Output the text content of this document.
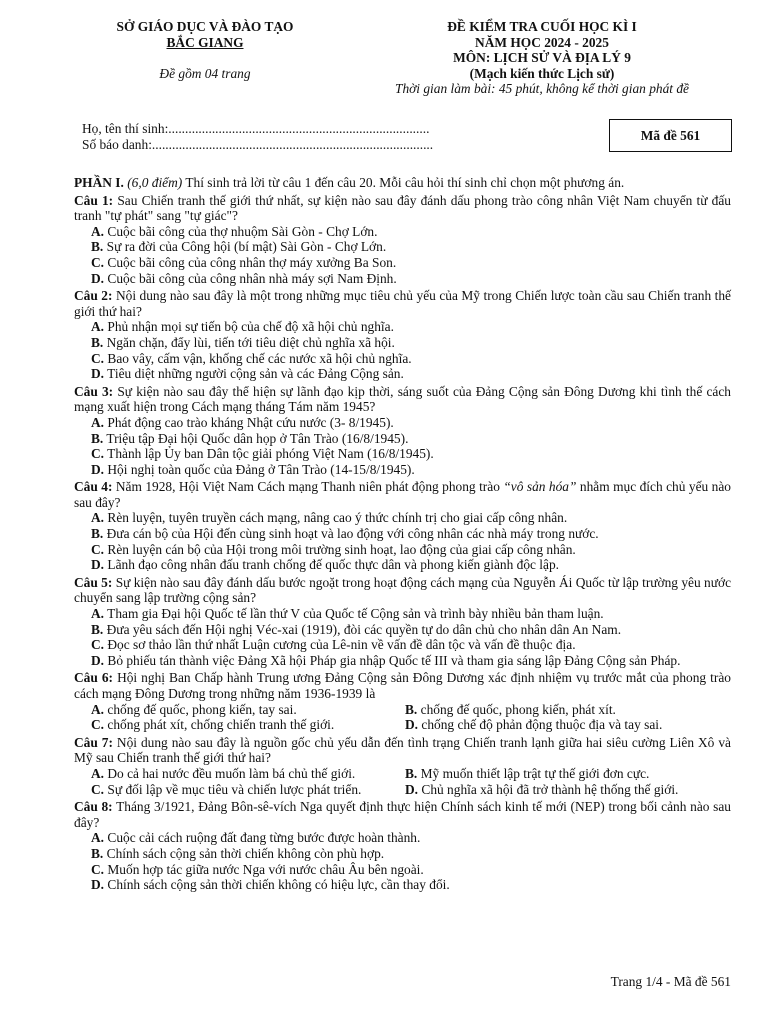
SỞ GIÁO DỤC VÀ ĐÀO TẠO
BẮC GIANG
Đề gồm 04 trang
ĐỀ KIỂM TRA CUỐI HỌC KÌ I
NĂM HỌC 2024 - 2025
MÔN: LỊCH SỬ VÀ ĐỊA LÝ 9
(Mạch kiến thức Lịch sử)
Thời gian làm bài: 45 phút, không kể thời gian phát đề
Họ, tên thí sinh:..............................................................................
Số báo danh:....................................................................................
Mã đề 561

PHẦN I. (6,0 điểm) Thí sinh trả lời từ câu 1 đến câu 20. Mỗi câu hỏi thí sinh chỉ chọn một phương án.

Câu 1: Sau Chiến tranh thế giới thứ nhất, sự kiện nào sau đây đánh dấu phong trào công nhân Việt Nam chuyển từ đấu tranh "tự phát" sang "tự giác"?

A. Cuộc bãi công của thợ nhuộm Sài Gòn - Chợ Lớn.
B. Sự ra đời của Công hội (bí mật) Sài Gòn - Chợ Lớn.
C. Cuộc bãi công của công nhân thợ máy xưởng Ba Son.
D. Cuộc bãi công của công nhân nhà máy sợi Nam Định.

Câu 2: Nội dung nào sau đây là một trong những mục tiêu chủ yếu của Mỹ trong Chiến lược toàn cầu sau Chiến tranh thế giới thứ hai?

A. Phủ nhận mọi sự tiến bộ của chế độ xã hội chủ nghĩa.
B. Ngăn chặn, đẩy lùi, tiến tới tiêu diệt chủ nghĩa xã hội.
C. Bao vây, cấm vận, khống chế các nước xã hội chủ nghĩa.
D. Tiêu diệt những người cộng sản và các Đảng Cộng sản.

Câu 3: Sự kiện nào sau đây thể hiện sự lãnh đạo kịp thời, sáng suốt của Đảng Cộng sản Đông Dương khi tình thế cách mạng xuất hiện trong Cách mạng tháng Tám năm 1945?

A. Phát động cao trào kháng Nhật cứu nước (3- 8/1945).
B. Triệu tập Đại hội Quốc dân họp ở Tân Trào (16/8/1945).
C. Thành lập Ủy ban Dân tộc giải phóng Việt Nam (16/8/1945).
D. Hội nghị toàn quốc của Đảng ở Tân Trào (14-15/8/1945).

Câu 4: Năm 1928, Hội Việt Nam Cách mạng Thanh niên phát động phong trào “vô sản hóa” nhằm mục đích chủ yếu nào sau đây?

A. Rèn luyện, tuyên truyền cách mạng, nâng cao ý thức chính trị cho giai cấp công nhân.
B. Đưa cán bộ của Hội đến cùng sinh hoạt và lao động với công nhân các nhà máy trong nước.
C. Rèn luyện cán bộ của Hội trong môi trường sinh hoạt, lao động của giai cấp công nhân.
D. Lãnh đạo công nhân đấu tranh chống đế quốc thực dân và phong kiến giành độc lập.

Câu 5: Sự kiện nào sau đây đánh dấu bước ngoặt trong hoạt động cách mạng của Nguyễn Ái Quốc từ lập trường yêu nước chuyển sang lập trường cộng sản?

A. Tham gia Đại hội Quốc tế lần thứ V của Quốc tế Cộng sản và trình bày nhiều bản tham luận.
B. Đưa yêu sách đến Hội nghị Véc-xai (1919), đòi các quyền tự do dân chủ cho nhân dân An Nam.
C. Đọc sơ thảo lần thứ nhất Luận cương của Lê-nin về vấn đề dân tộc và vấn đề thuộc địa.
D. Bỏ phiếu tán thành việc Đảng Xã hội Pháp gia nhập Quốc tế III và tham gia sáng lập Đảng Cộng sản Pháp.

Câu 6: Hội nghị Ban Chấp hành Trung ương Đảng Cộng sản Đông Dương xác định nhiệm vụ trước mắt của phong trào cách mạng Đông Dương trong những năm 1936-1939 là

A. chống đế quốc, phong kiến, tay sai.	B. chống đế quốc, phong kiến, phát xít.
C. chống phát xít, chống chiến tranh thế giới.	D. chống chế độ phản động thuộc địa và tay sai.

Câu 7: Nội dung nào sau đây là nguồn gốc chủ yếu dẫn đến tình trạng Chiến tranh lạnh giữa hai siêu cường Liên Xô và Mỹ sau Chiến tranh thế giới thứ hai?

A. Do cả hai nước đều muốn làm bá chủ thế giới.	B. Mỹ muốn thiết lập trật tự thế giới đơn cực.
C. Sự đối lập về mục tiêu và chiến lược phát triển.	D. Chủ nghĩa xã hội đã trở thành hệ thống thế giới.

Câu 8: Tháng 3/1921, Đảng Bôn-sê-vích Nga quyết định thực hiện Chính sách kinh tế mới (NEP) trong bối cảnh nào sau đây?

A. Cuộc cải cách ruộng đất đang từng bước được hoàn thành.
B. Chính sách cộng sản thời chiến không còn phù hợp.
C. Muốn hợp tác giữa nước Nga với nước châu Âu bên ngoài.
D. Chính sách cộng sản thời chiến không có hiệu lực, cần thay đổi.
Trang 1/4 - Mã đề 561
